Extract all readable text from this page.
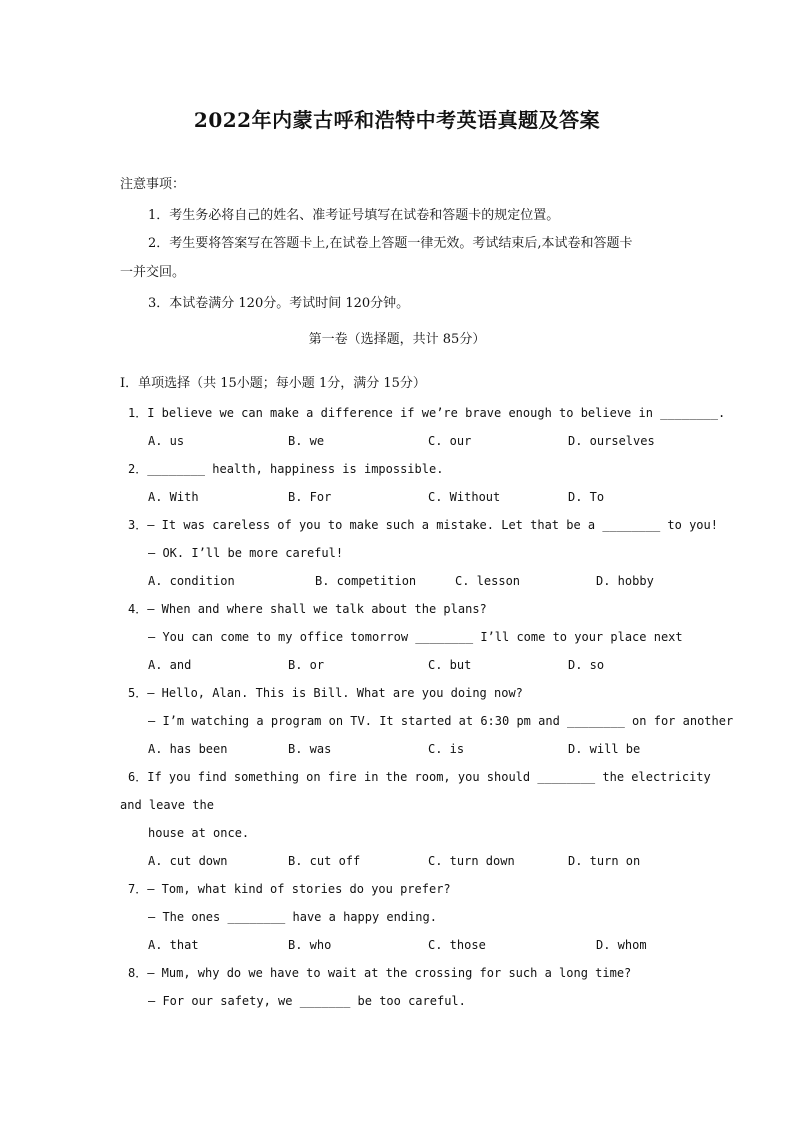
2022年内蒙古呼和浩特中考英语真题及答案
注意事项：
1．考生务必将自己的姓名、准考证号填写在试卷和答题卡的规定位置。
2．考生要将答案写在答题卡上,在试卷上答题一律无效。考试结束后,本试卷和答题卡
一并交回。
3．本试卷满分 120分。考试时间 120分钟。
第一卷（选择题，共计 85分）
Ⅰ．单项选择（共 15小题；每小题 1分，满分 15分）
1．I believe we can make a difference if we’re brave enough to believe in ________.
A. us	B. we	C. our	D. ourselves
2．________ health, happiness is impossible.
A. With	B. For	C. Without	D. To
3．— It was careless of you to make such a mistake. Let that be a ________ to you!
— OK. I’ll be more careful!
A. condition	B. competition	C. lesson	D. hobby
4．— When and where shall we talk about the plans?
— You can come to my office tomorrow ________ I’ll come to your place next
A. and	B. or	C. but	D. so
5．— Hello, Alan. This is Bill. What are you doing now?
— I’m watching a program on TV. It started at 6:30 pm and ________ on for another
A. has been	B. was	C. is	D. will be
6．If you find something on fire in the room, you should ________ the electricity
and leave the
house at once.
A. cut down	B. cut off	C. turn down	D. turn on
7．— Tom, what kind of stories do you prefer?
— The ones ________ have a happy ending.
A. that	B. who	C. those	D. whom
8．— Mum, why do we have to wait at the crossing for such a long time?
— For our safety, we _______ be too careful.
